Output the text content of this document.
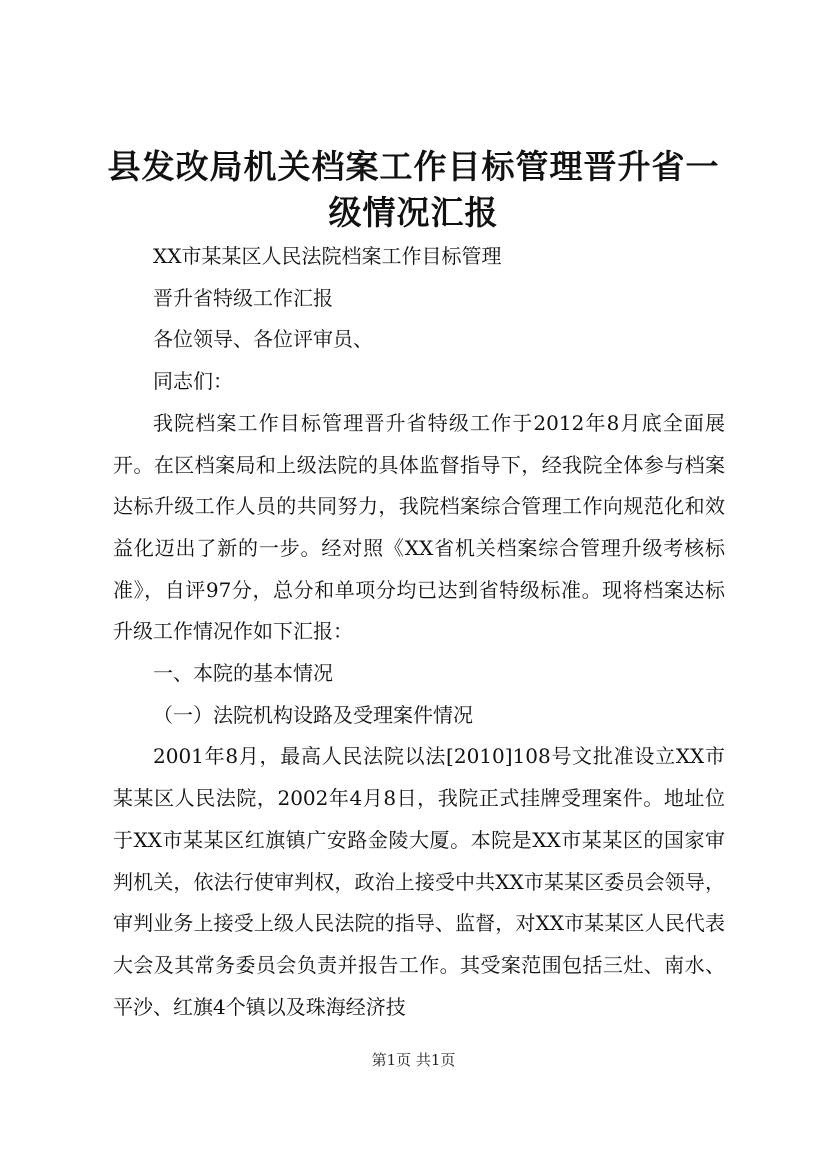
县发改局机关档案工作目标管理晋升省一级情况汇报

XX市某某区人民法院档案工作目标管理

晋升省特级工作汇报

各位领导、各位评审员、

同志们：

我院档案工作目标管理晋升省特级工作于2012年8月底全面展开。在区档案局和上级法院的具体监督指导下，经我院全体参与档案达标升级工作人员的共同努力，我院档案综合管理工作向规范化和效益化迈出了新的一步。经对照《XX省机关档案综合管理升级考核标准》，自评97分，总分和单项分均已达到省特级标准。现将档案达标升级工作情况作如下汇报：

一、本院的基本情况

（一）法院机构设路及受理案件情况

2001年8月，最高人民法院以法[2010]108号文批准设立XX市某某区人民法院，2002年4月8日，我院正式挂牌受理案件。地址位于XX市某某区红旗镇广安路金陵大厦。本院是XX市某某区的国家审判机关，依法行使审判权，政治上接受中共XX市某某区委员会领导，审判业务上接受上级人民法院的指导、监督，对XX市某某区人民代表大会及其常务委员会负责并报告工作。其受案范围包括三灶、南水、平沙、红旗4个镇以及珠海经济技

第1页 共1页
